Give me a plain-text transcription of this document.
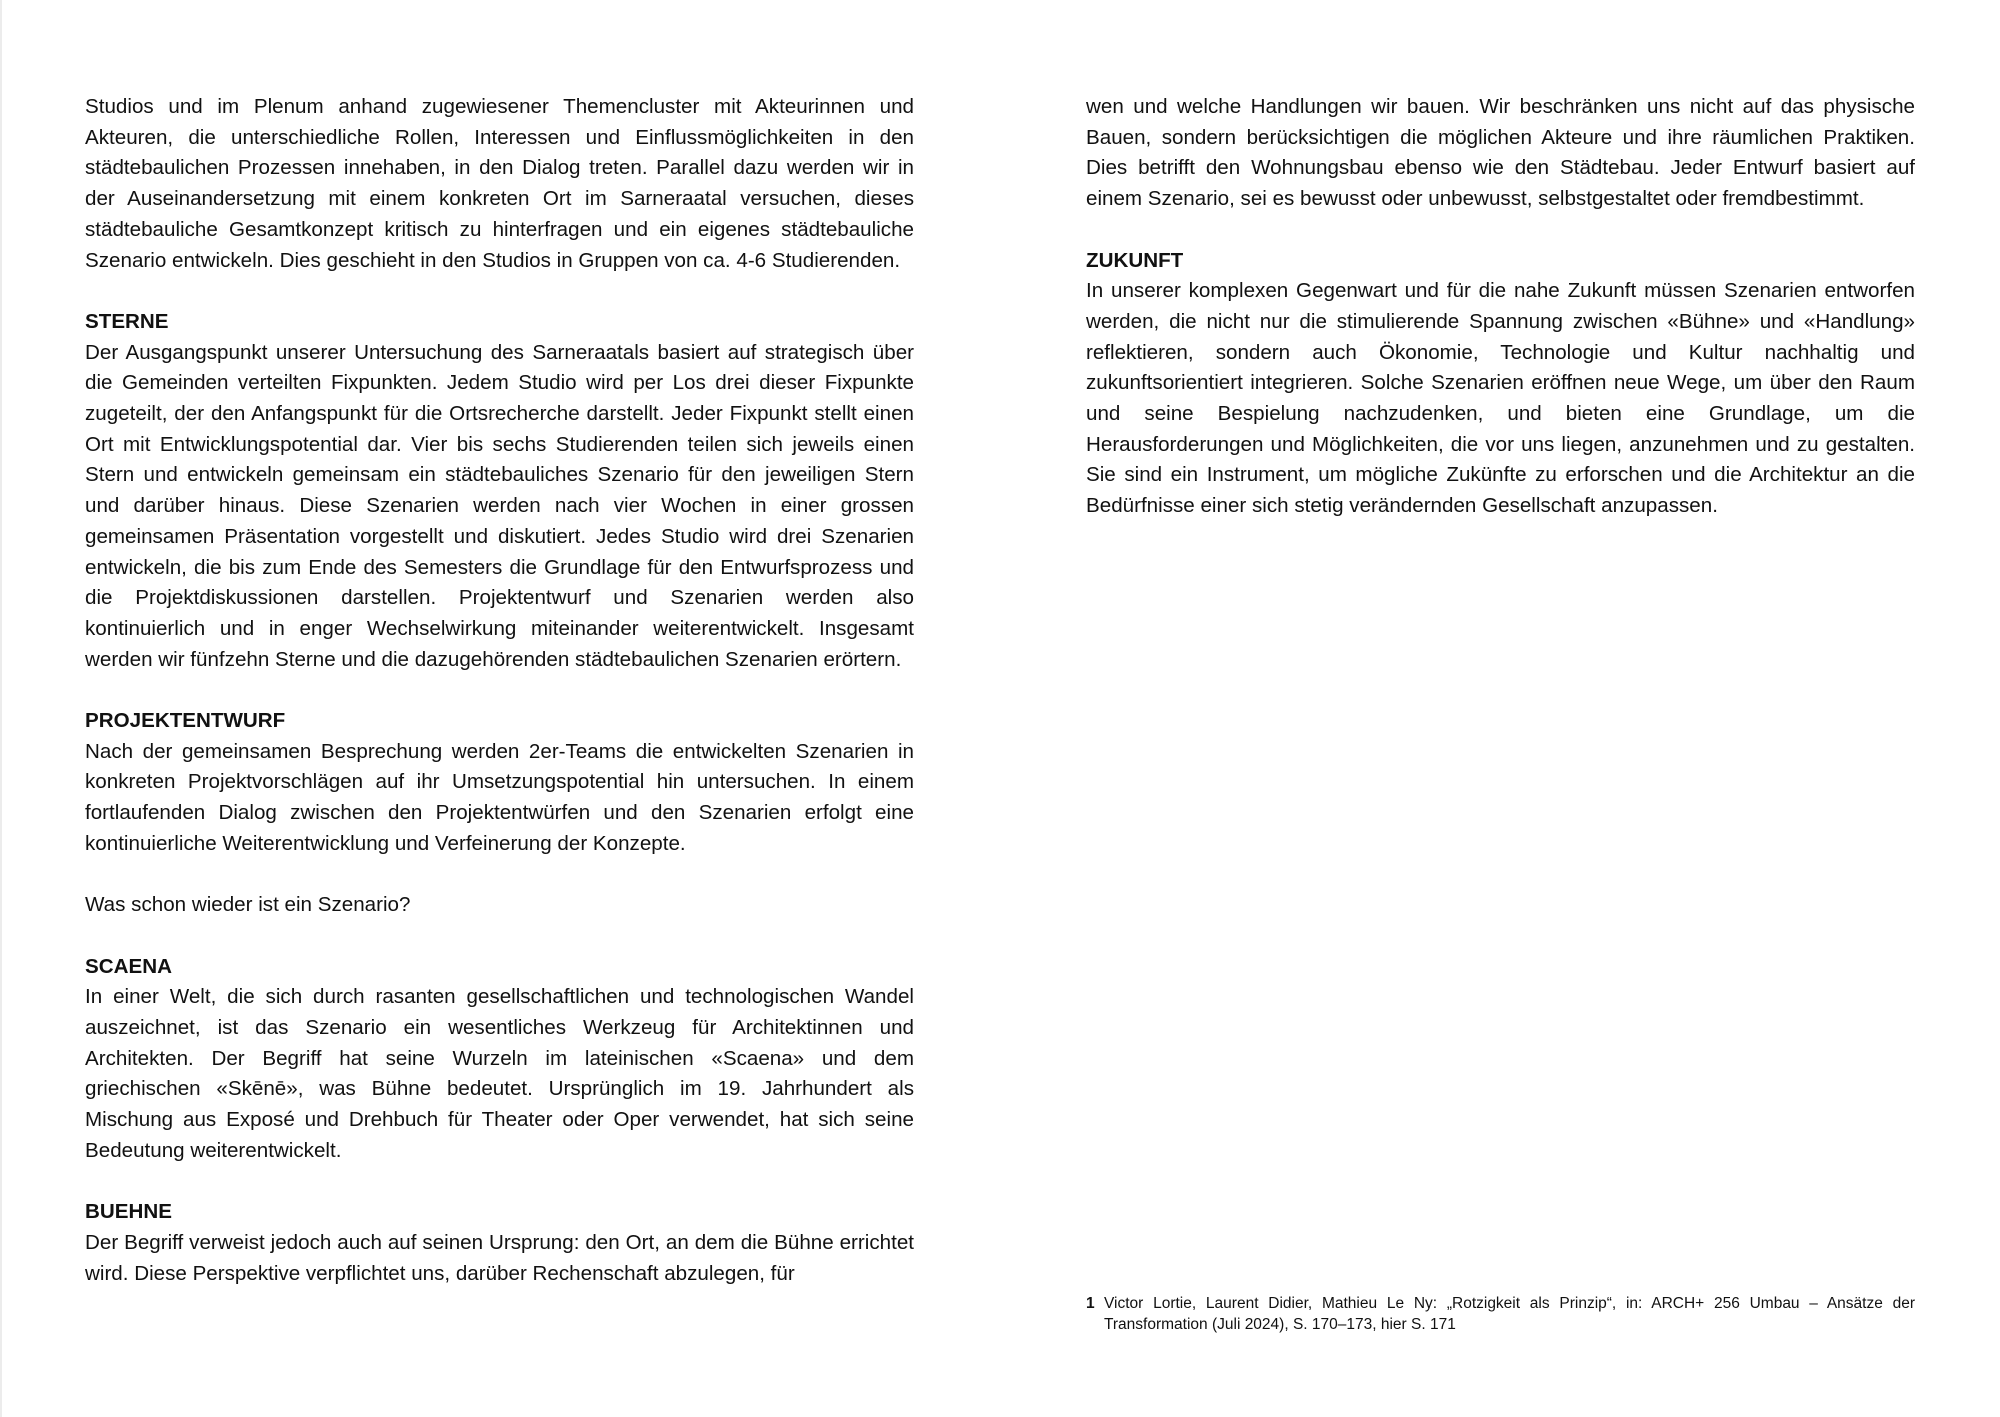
Studios und im Plenum anhand zugewiesener Themencluster mit Akteurinnen und Akteuren, die unterschiedliche Rollen, Interessen und Einflussmöglichkeiten in den städtebaulichen Prozessen innehaben, in den Dialog treten. Parallel dazu werden wir in der Auseinandersetzung mit einem konkreten Ort im Sarneraatal versuchen, dieses städtebauliche Gesamtkonzept kritisch zu hinterfragen und ein eigenes städtebauliche Szenario entwickeln. Dies geschieht in den Studios in Gruppen von ca. 4-6 Studierenden.

STERNE

Der Ausgangspunkt unserer Untersuchung des Sarneraatals basiert auf strategisch über die Gemeinden verteilten Fixpunkten. Jedem Studio wird per Los drei dieser Fixpunkte zugeteilt, der den Anfangspunkt für die Ortsrecherche darstellt. Jeder Fixpunkt stellt einen Ort mit Entwicklungspotential dar. Vier bis sechs Studierenden teilen sich jeweils einen Stern und entwickeln gemeinsam ein städtebauliches Szenario für den jeweiligen Stern und darüber hinaus. Diese Szenarien werden nach vier Wochen in einer grossen gemeinsamen Präsentation vorgestellt und diskutiert. Jedes Studio wird drei Szenarien entwickeln, die bis zum Ende des Semesters die Grundlage für den Entwurfsprozess und die Projektdiskussionen darstellen. Projektentwurf und Szenarien werden also kontinuierlich und in enger Wechselwirkung miteinander weiterentwickelt. Insgesamt werden wir fünfzehn Sterne und die dazugehörenden städtebaulichen Szenarien erörtern.

PROJEKTENTWURF

Nach der gemeinsamen Besprechung werden 2er-Teams die entwickelten Szenarien in konkreten Projektvorschlägen auf ihr Umsetzungspotential hin untersuchen. In einem fortlaufenden Dialog zwischen den Projektentwürfen und den Szenarien erfolgt eine kontinuierliche Weiterentwicklung und Verfeinerung der Konzepte.

Was schon wieder ist ein Szenario?

SCAENA

In einer Welt, die sich durch rasanten gesellschaftlichen und technologischen Wandel auszeichnet, ist das Szenario ein wesentliches Werkzeug für Architektinnen und Architekten. Der Begriff hat seine Wurzeln im lateinischen «Scaena» und dem griechischen «Skēnē», was Bühne bedeutet. Ursprünglich im 19. Jahrhundert als Mischung aus Exposé und Drehbuch für Theater oder Oper verwendet, hat sich seine Bedeutung weiterentwickelt.

BUEHNE

Der Begriff verweist jedoch auch auf seinen Ursprung: den Ort, an dem die Bühne errichtet wird. Diese Perspektive verpflichtet uns, darüber Rechenschaft abzulegen, für

wen und welche Handlungen wir bauen. Wir beschränken uns nicht auf das physische Bauen, sondern berücksichtigen die möglichen Akteure und ihre räumlichen Praktiken. Dies betrifft den Wohnungsbau ebenso wie den Städtebau. Jeder Entwurf basiert auf einem Szenario, sei es bewusst oder unbewusst, selbstgestaltet oder fremdbestimmt.

ZUKUNFT

In unserer komplexen Gegenwart und für die nahe Zukunft müssen Szenarien entworfen werden, die nicht nur die stimulierende Spannung zwischen «Bühne» und «Handlung» reflektieren, sondern auch Ökonomie, Technologie und Kultur nachhaltig und zukunftsorientiert integrieren. Solche Szenarien eröffnen neue Wege, um über den Raum und seine Bespielung nachzudenken, und bieten eine Grundlage, um die Herausforderungen und Möglichkeiten, die vor uns liegen, anzunehmen und zu gestalten. Sie sind ein Instrument, um mögliche Zukünfte zu erforschen und die Architektur an die Bedürfnisse einer sich stetig verändernden Gesellschaft anzupassen.

1 Victor Lortie, Laurent Didier, Mathieu Le Ny: „Rotzigkeit als Prinzip“, in: ARCH+ 256 Umbau – Ansätze der Transformation (Juli 2024), S. 170–173, hier S. 171
